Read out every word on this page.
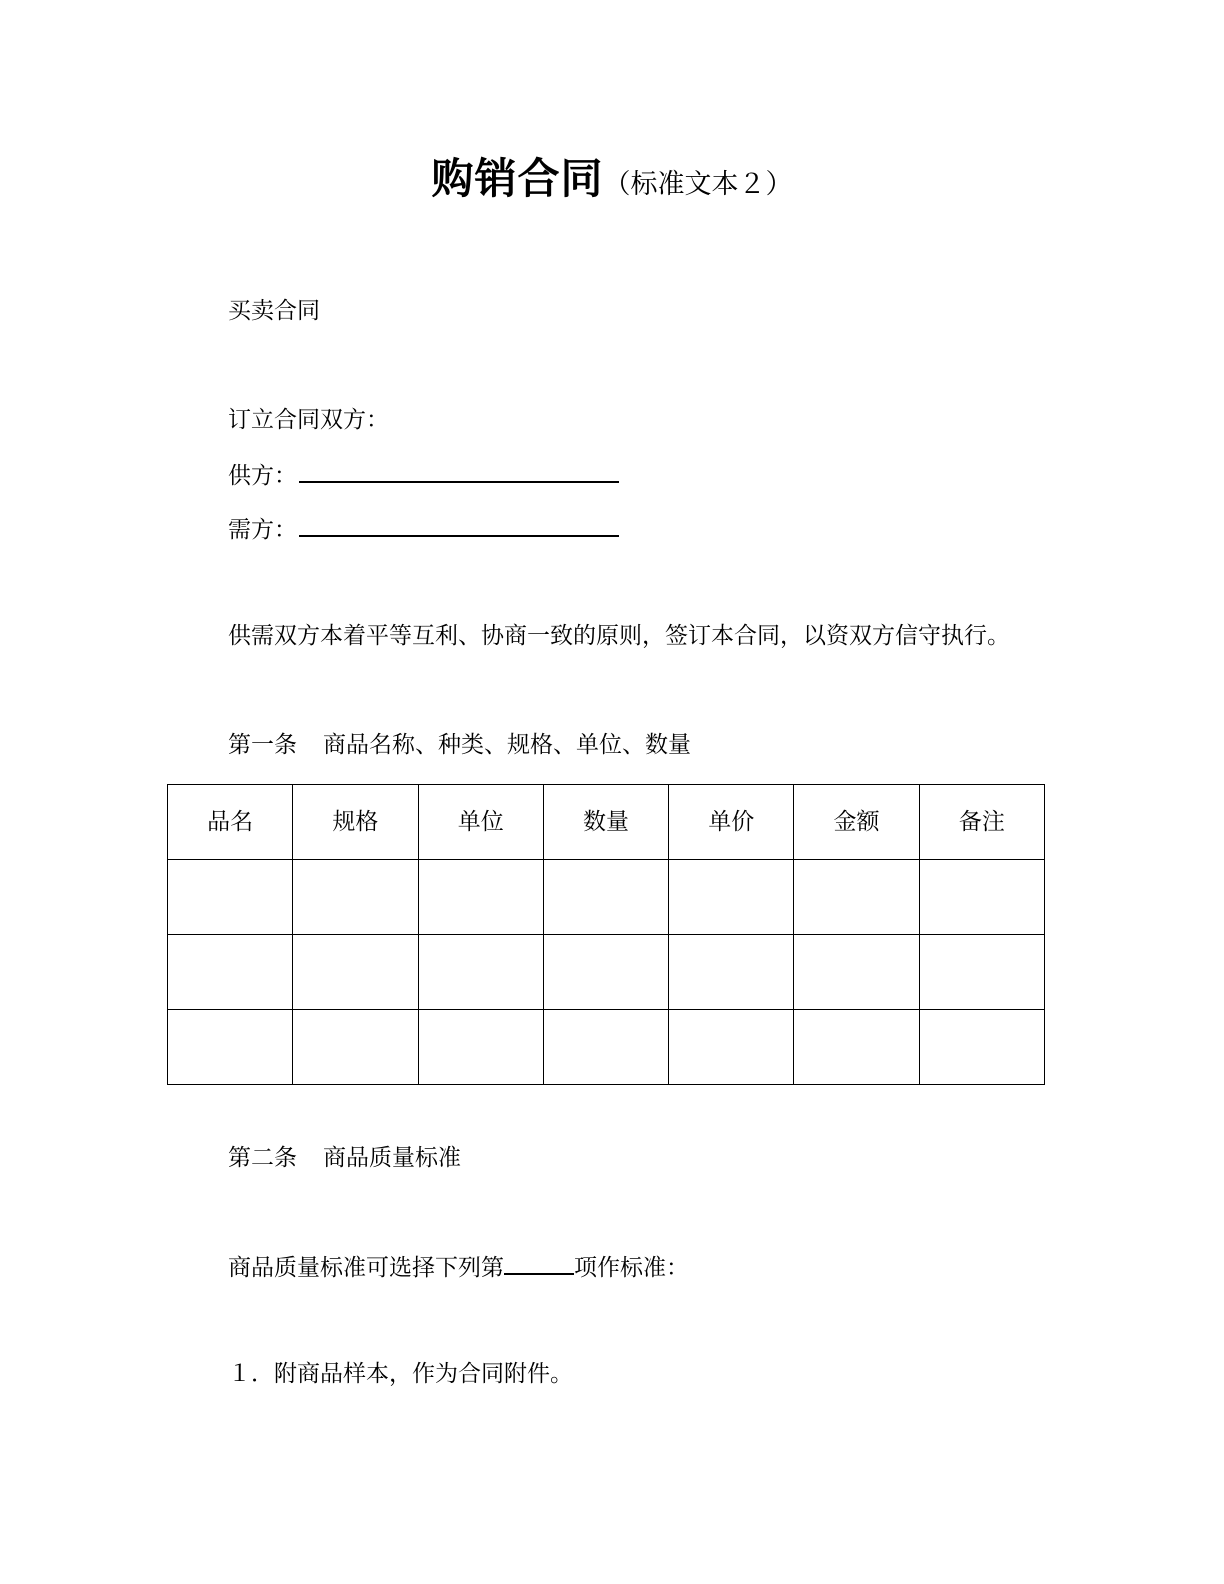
购销合同（标准文本２）
买卖合同
订立合同双方：
供方：
需方：
供需双方本着平等互利、协商一致的原则，签订本合同，以资双方信守执行。
第一条 商品名称、种类、规格、单位、数量
品名	规格	单位	数量	单价	金额	备注

第二条 商品质量标准
商品质量标准可选择下列第	项作标准：
１．附商品样本，作为合同附件。
